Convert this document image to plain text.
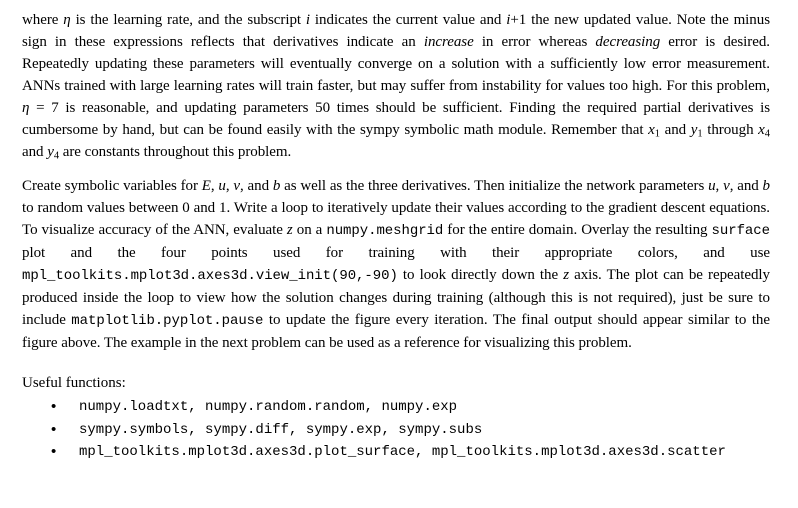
where η is the learning rate, and the subscript i indicates the current value and i+1 the new updated value. Note the minus sign in these expressions reflects that derivatives indicate an increase in error whereas decreasing error is desired. Repeatedly updating these parameters will eventually converge on a solution with a sufficiently low error measurement. ANNs trained with large learning rates will train faster, but may suffer from instability for values too high. For this problem, η = 7 is reasonable, and updating parameters 50 times should be sufficient. Finding the required partial derivatives is cumbersome by hand, but can be found easily with the sympy symbolic math module. Remember that $x_1$ and $y_1$ through $x_4$ and $y_4$ are constants throughout this problem.

Create symbolic variables for E, u, v, and b as well as the three derivatives. Then initialize the network parameters u, v, and b to random values between 0 and 1. Write a loop to iteratively update their values according to the gradient descent equations. To visualize accuracy of the ANN, evaluate z on a numpy.meshgrid for the entire domain. Overlay the resulting surface plot and the four points used for training with their appropriate colors, and use mpl_toolkits.mplot3d.axes3d.view_init(90,-90) to look directly down the z axis. The plot can be repeatedly produced inside the loop to view how the solution changes during training (although this is not required), just be sure to include matplotlib.pyplot.pause to update the figure every iteration. The final output should appear similar to the figure above. The example in the next problem can be used as a reference for visualizing this problem.

Useful functions:

• numpy.loadtxt, numpy.random.random, numpy.exp
• sympy.symbols, sympy.diff, sympy.exp, sympy.subs
• mpl_toolkits.mplot3d.axes3d.plot_surface, mpl_toolkits.mplot3d.axes3d.scatter
